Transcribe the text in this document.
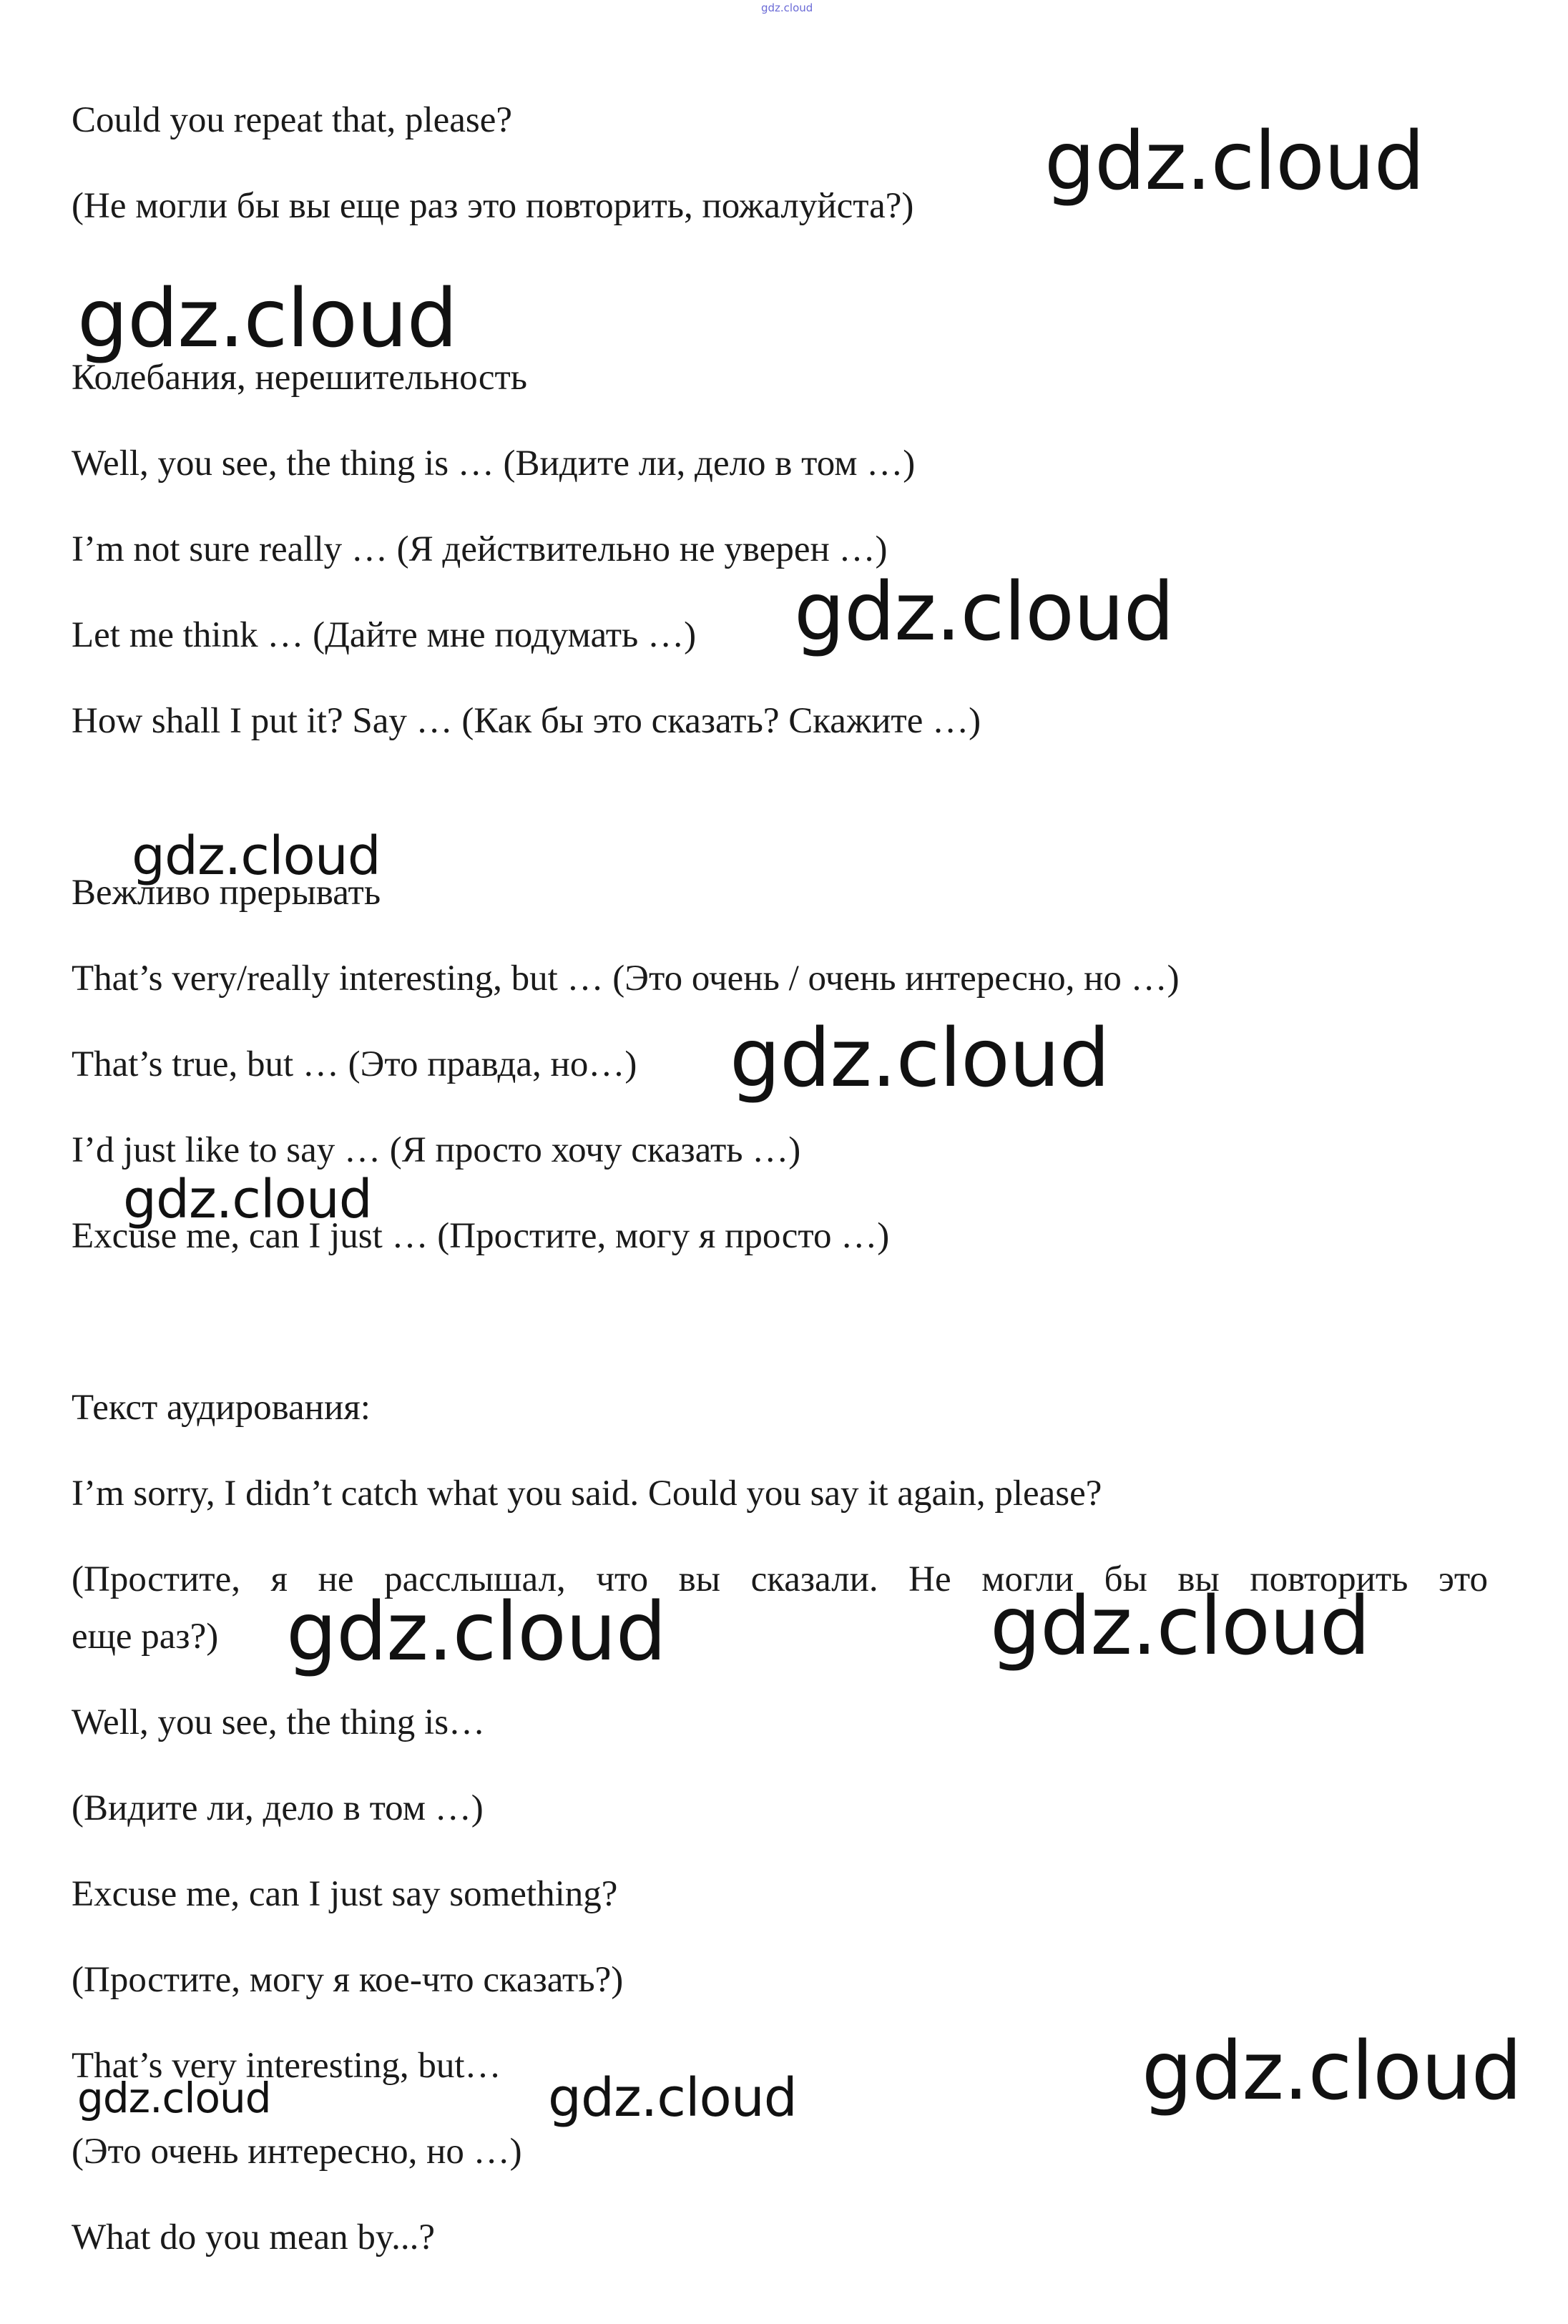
gdz.cloud
Could you repeat that, please?
(Не могли бы вы еще раз это повторить, пожалуйста?)
Колебания, нерешительность
Well, you see, the thing is … (Видите ли, дело в том …)
I’m not sure really … (Я действительно не уверен …)
Let me think … (Дайте мне подумать …)
How shall I put it? Say … (Как бы это сказать? Скажите …)
Вежливо прерывать
That’s very/really interesting, but … (Это очень / очень интересно, но …)
That’s true, but … (Это правда, но…)
I’d just like to say … (Я просто хочу сказать …)
Excuse me, can I just … (Простите, могу я просто …)
Текст аудирования:
I’m sorry, I didn’t catch what you said. Could you say it again, please?
(Простите, я не расслышал, что вы сказали. Не могли бы вы повторить это
еще раз?)
Well, you see, the thing is…
(Видите ли, дело в том …)
Excuse me, can I just say something?
(Простите, могу я кое-что сказать?)
That’s very interesting, but…
(Это очень интересно, но …)
What do you mean by...?
gdz.cloud
gdz.cloud
gdz.cloud
gdz.cloud
gdz.cloud
gdz.cloud
gdz.cloud	gdz.cloud
gdz.cloud
gdz.cloud	gdz.cloud
